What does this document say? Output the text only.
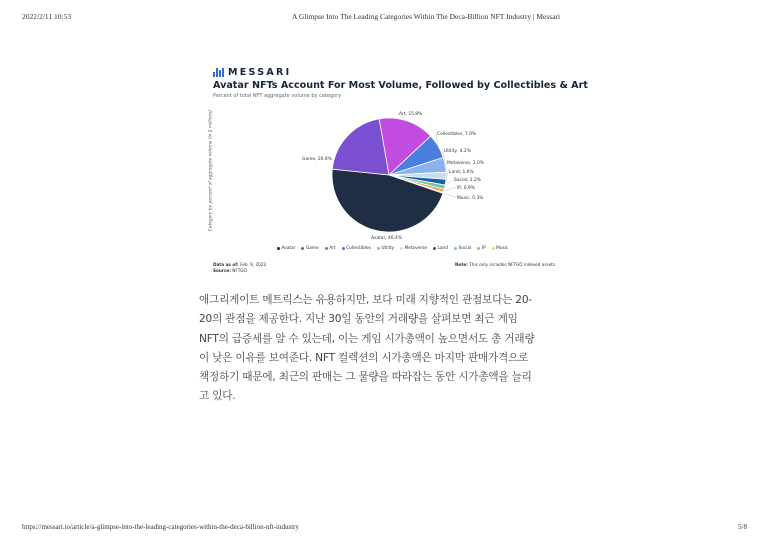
2022/2/11 10:53	A Glimpse Into The Leading Categories Within The Deca-Billion NFT Industry | Messari
MESSARI
Avatar NFTs Account For Most Volume, Followed by Collectibles & Art
Percent of total NFT aggregate volume by category
Category by percent of aggregate volume (in $ millions)	Art, 15.8%
Collectibles, 7.0%
Utility, 4.2%
Metaverse, 2.0%
Land, 1.6%
Social, 1.2%
IP, 0.9%
Music, 0.3%
Avatar, 46.4%
Game, 20.6%
Avatar Game Art Collectibles Utility Metaverse Land Social IP Music
Data as of: Feb. 9, 2022
Source: NFTGO
Note: This only includes NFTGO indexed assets
애그리게이트 메트릭스는 유용하지만, 보다 미래 지향적인 관점보다는 20-
20의 관점을 제공한다. 지난 30일 동안의 거래량을 살펴보면 최근 게임
NFT의 급증세를 알 수 있는데, 이는 게임 시가총액이 높으면서도 총 거래량
이 낮은 이유를 보여준다. NFT 컬렉션의 시가총액은 마지막 판매가격으로
책정하기 때문에, 최근의 판매는 그 물량을 따라잡는 동안 시가총액을 늘리
고 있다.
https://messari.io/article/a-glimpse-into-the-leading-categories-within-the-deca-billion-nft-industry	5/8
